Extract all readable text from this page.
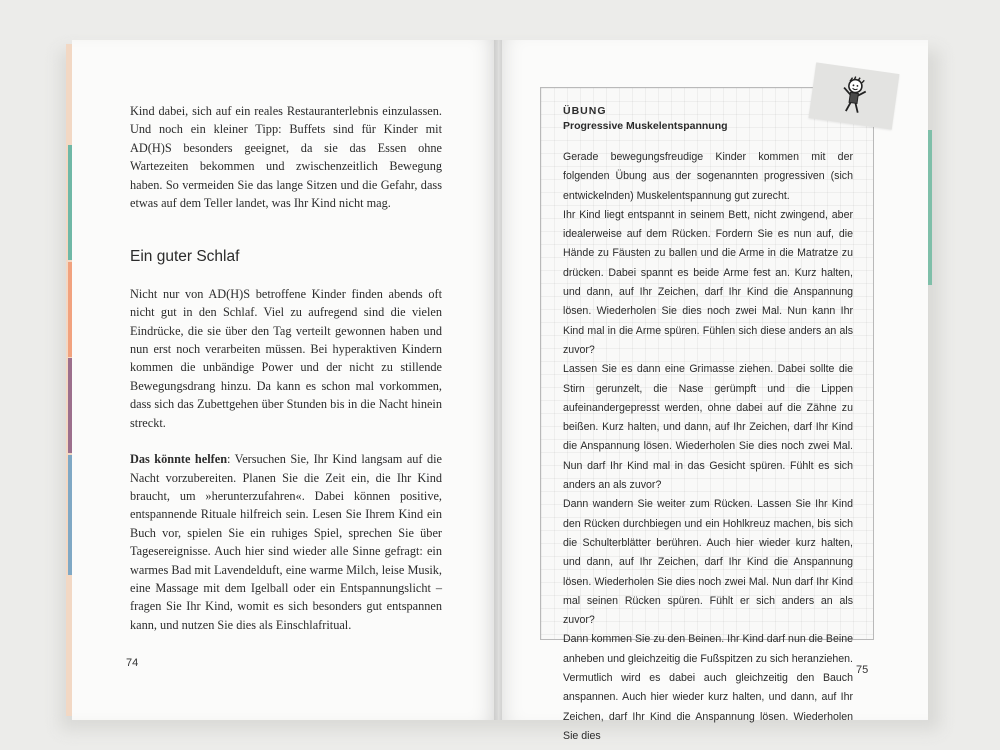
Kind dabei, sich auf ein reales Restauranterlebnis einzulassen. Und noch ein kleiner Tipp: Buffets sind für Kinder mit AD(H)S besonders geeignet, da sie das Essen ohne Wartezeiten bekommen und zwischenzeitlich Bewegung haben. So vermeiden Sie das lange Sitzen und die Gefahr, dass etwas auf dem Teller landet, was Ihr Kind nicht mag.

Ein guter Schlaf

Nicht nur von AD(H)S betroffene Kinder finden abends oft nicht gut in den Schlaf. Viel zu aufregend sind die vielen Eindrücke, die sie über den Tag verteilt gewonnen haben und nun erst noch verarbeiten müssen. Bei hyperaktiven Kindern kommen die unbändige Power und der nicht zu stillende Bewegungsdrang hinzu. Da kann es schon mal vorkommen, dass sich das Zubettgehen über Stunden bis in die Nacht hinein streckt.

Das könnte helfen: Versuchen Sie, Ihr Kind langsam auf die Nacht vorzubereiten. Planen Sie die Zeit ein, die Ihr Kind braucht, um »herunterzufahren«. Dabei können positive, entspannende Rituale hilfreich sein. Lesen Sie Ihrem Kind ein Buch vor, spielen Sie ein ruhiges Spiel, sprechen Sie über Tagesereignisse. Auch hier sind wieder alle Sinne gefragt: ein warmes Bad mit Lavendelduft, eine warme Milch, leise Musik, eine Massage mit dem Igelball oder ein Entspannungslicht – fragen Sie Ihr Kind, womit es sich besonders gut entspannen kann, und nutzen Sie dies als Einschlafritual.

74
ÜBUNG
Progressive Muskelentspannung

Gerade bewegungsfreudige Kinder kommen mit der folgenden Übung aus der sogenannten progressiven (sich entwickelnden) Muskelentspannung gut zurecht.

Ihr Kind liegt entspannt in seinem Bett, nicht zwingend, aber idealerweise auf dem Rücken. Fordern Sie es nun auf, die Hände zu Fäusten zu ballen und die Arme in die Matratze zu drücken. Dabei spannt es beide Arme fest an. Kurz halten, und dann, auf Ihr Zeichen, darf Ihr Kind die Anspannung lösen. Wiederholen Sie dies noch zwei Mal. Nun kann Ihr Kind mal in die Arme spüren. Fühlen sich diese anders an als zuvor?

Lassen Sie es dann eine Grimasse ziehen. Dabei sollte die Stirn gerunzelt, die Nase gerümpft und die Lippen aufeinandergepresst werden, ohne dabei auf die Zähne zu beißen. Kurz halten, und dann, auf Ihr Zeichen, darf Ihr Kind die Anspannung lösen. Wiederholen Sie dies noch zwei Mal. Nun darf Ihr Kind mal in das Gesicht spüren. Fühlt es sich anders an als zuvor?

Dann wandern Sie weiter zum Rücken. Lassen Sie Ihr Kind den Rücken durchbiegen und ein Hohlkreuz machen, bis sich die Schulterblätter berühren. Auch hier wieder kurz halten, und dann, auf Ihr Zeichen, darf Ihr Kind die Anspannung lösen. Wiederholen Sie dies noch zwei Mal. Nun darf Ihr Kind mal seinen Rücken spüren. Fühlt er sich anders an als zuvor?

Dann kommen Sie zu den Beinen. Ihr Kind darf nun die Beine anheben und gleichzeitig die Fußspitzen zu sich heranziehen. Vermutlich wird es dabei auch gleichzeitig den Bauch anspannen. Auch hier wieder kurz halten, und dann, auf Ihr Zeichen, darf Ihr Kind die Anspannung lösen. Wiederholen Sie dies

75
